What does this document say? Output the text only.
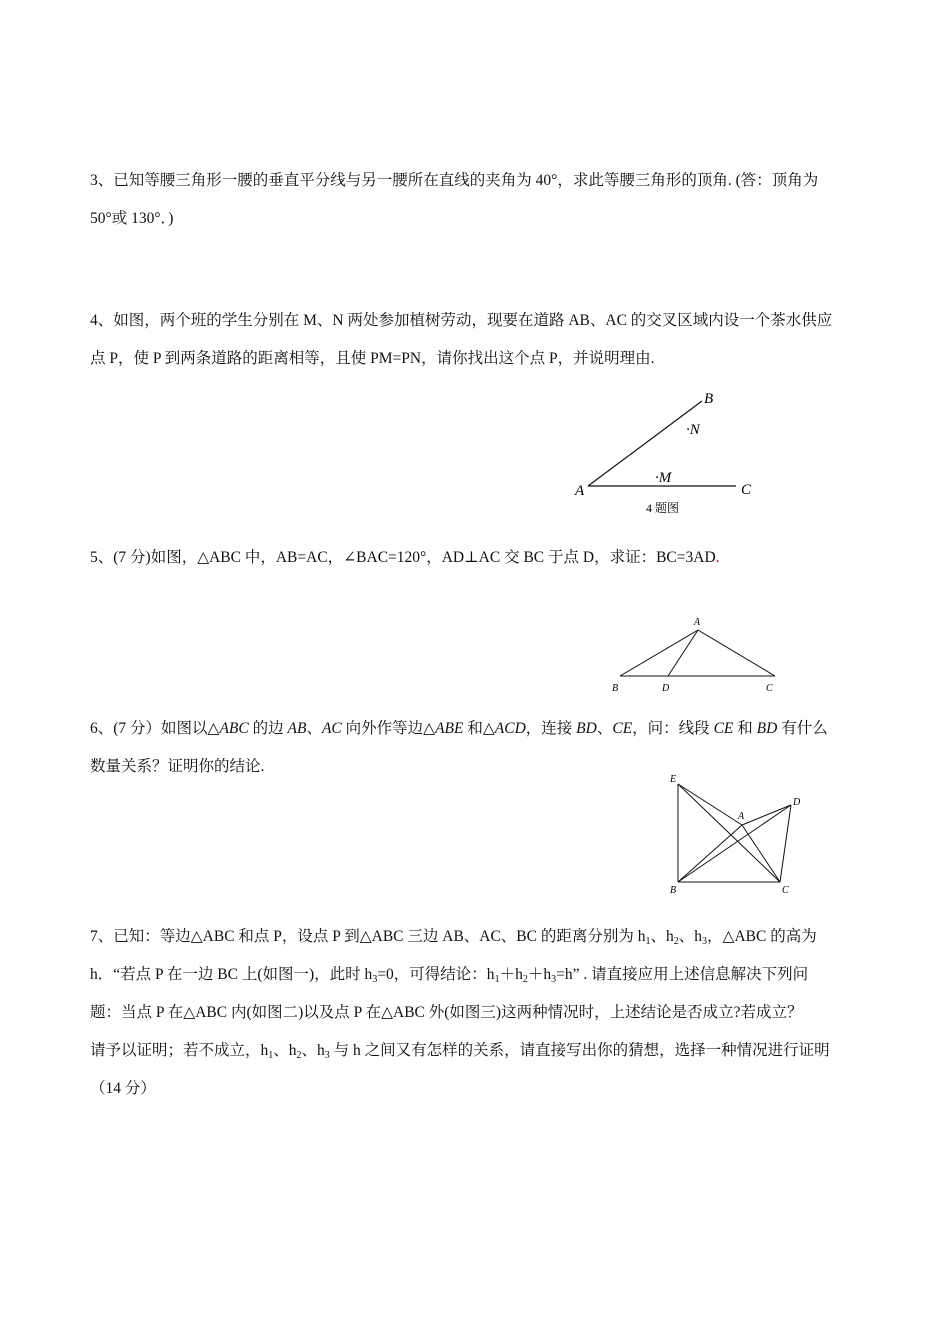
3、已知等腰三角形一腰的垂直平分线与另一腰所在直线的夹角为 40°，求此等腰三角形的顶角. (答：顶角为
50°或 130°．)
4、如图，两个班的学生分别在 M、N 两处参加植树劳动，现要在道路 AB、AC 的交叉区域内设一个茶水供应
点 P，使 P 到两条道路的距离相等，且使 PM=PN，请你找出这个点 P，并说明理由.
B
·N
·M
A	C
4 题图
5、(7 分)如图，△ABC 中，AB=AC，∠BAC=120°，AD⊥AC 交 BC 于点 D，求证：BC=3AD.
A
B	D	C
6、(7 分）如图以△ABC 的边 AB、AC 向外作等边△ABE 和△ACD，连接 BD、CE，问：线段 CE 和 BD 有什么
数量关系？证明你的结论.
E
A
D
B	C
7、已知：等边△ABC 和点 P，设点 P 到△ABC 三边 AB、AC、BC 的距离分别为 $h_1$、$h_2$、$h_3$，△ABC 的高为
h．“若点 P 在一边 BC 上(如图一)，此时 $h_3=0$，可得结论：$h_1+h_2+h_3=h$” . 请直接应用上述信息解决下列问
题：当点 P 在△ABC 内(如图二)以及点 P 在△ABC 外(如图三)这两种情况时，上述结论是否成立?若成立？
请予以证明；若不成立，$h_1$、$h_2$、$h_3$ 与 h 之间又有怎样的关系，请直接写出你的猜想，选择一种情况进行证明
（14 分）
